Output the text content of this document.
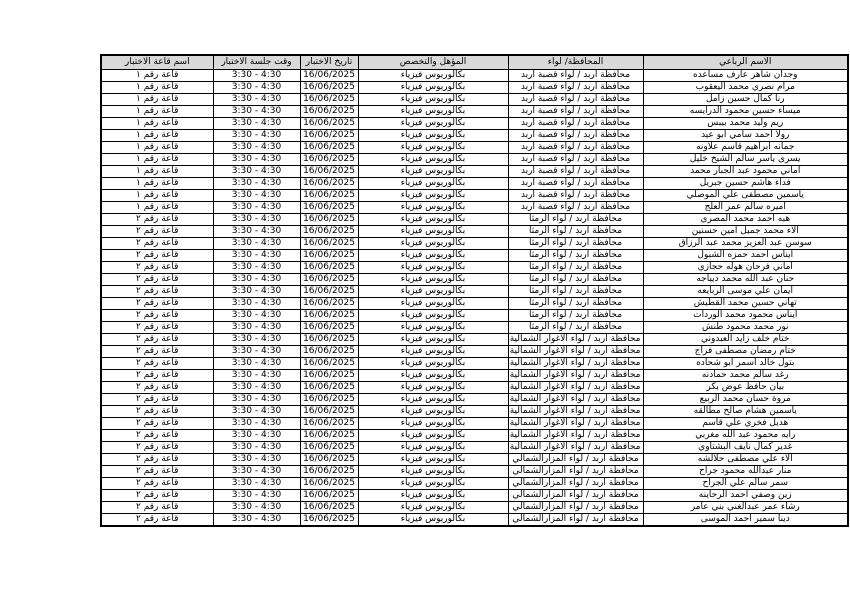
الاسم الرباعي	المحافظة/ لواء	المؤهل والتخصص	تاريخ الاختبار	وقت جلسة الاختبار	اسم قاعة الاختبار
وجدان شاهر عارف مساعده	محافظة اربد / لواء قصبة اربد	بكالوريوس فيزياء	16/06/2025	3:30 - 4:30	قاعة رقم ١
مرام نصري محمد اليعقوب	محافظة اربد / لواء قصبة اربد	بكالوريوس فيزياء	16/06/2025	3:30 - 4:30	قاعة رقم ١
رنا كمال حسين زامل	محافظة اربد / لواء قصبة اربد	بكالوريوس فيزياء	16/06/2025	3:30 - 4:30	قاعة رقم ١
ميساء حسين محمود الدرايسه	محافظة اربد / لواء قصبة اربد	بكالوريوس فيزياء	16/06/2025	3:30 - 4:30	قاعة رقم ١
ريم وليد محمد بيبس	محافظة اربد / لواء قصبة اربد	بكالوريوس فيزياء	16/06/2025	3:30 - 4:30	قاعة رقم ١
رولا احمد سامي ابو عيد	محافظة اربد / لواء قصبة اربد	بكالوريوس فيزياء	16/06/2025	3:30 - 4:30	قاعة رقم ١
جمانه ابراهيم قاسم علاونه	محافظة اربد / لواء قصبة اربد	بكالوريوس فيزياء	16/06/2025	3:30 - 4:30	قاعة رقم ١
يسرى ياسر سالم الشيخ خليل	محافظة اربد / لواء قصبة اربد	بكالوريوس فيزياء	16/06/2025	3:30 - 4:30	قاعة رقم ١
اماني محمود عبد الجبار محمد	محافظة اربد / لواء قصبة اربد	بكالوريوس فيزياء	16/06/2025	3:30 - 4:30	قاعة رقم ١
فداء هاشم حسين جبريل	محافظة اربد / لواء قصبة اربد	بكالوريوس فيزياء	16/06/2025	3:30 - 4:30	قاعة رقم ١
ياسمين مصطفى علي الموصلي	محافظة اربد / لواء قصبة اربد	بكالوريوس فيزياء	16/06/2025	3:30 - 4:30	قاعة رقم ١
اميره سالم عمر العلج	محافظة اربد / لواء قصبة اربد	بكالوريوس فيزياء	16/06/2025	3:30 - 4:30	قاعة رقم ١
هبه احمد محمد المصري	محافظة اربد / لواء الرمثا	بكالوريوس فيزياء	16/06/2025	3:30 - 4:30	قاعة رقم ٢
الاء محمد جميل امين حسنين	محافظة اربد / لواء الرمثا	بكالوريوس فيزياء	16/06/2025	3:30 - 4:30	قاعة رقم ٢
سوسن عبد العزيز محمد عبد الرزاق	محافظة اربد / لواء الرمثا	بكالوريوس فيزياء	16/06/2025	3:30 - 4:30	قاعة رقم ٢
ايناس احمد حمزه الشبول	محافظة اربد / لواء الرمثا	بكالوريوس فيزياء	16/06/2025	3:30 - 4:30	قاعة رقم ٢
اماني فرحان هوله حجازي	محافظة اربد / لواء الرمثا	بكالوريوس فيزياء	16/06/2025	3:30 - 4:30	قاعة رقم ٢
حنان عبد الله محمد ديباجه	محافظة اربد / لواء الرمثا	بكالوريوس فيزياء	16/06/2025	3:30 - 4:30	قاعة رقم ٢
ايمان علي موسى الربايعه	محافظة اربد / لواء الرمثا	بكالوريوس فيزياء	16/06/2025	3:30 - 4:30	قاعة رقم ٢
تهاني حسين محمد القطيش	محافظة اربد / لواء الرمثا	بكالوريوس فيزياء	16/06/2025	3:30 - 4:30	قاعة رقم ٢
ايناس محمود محمد الوردات	محافظة اربد / لواء الرمثا	بكالوريوس فيزياء	16/06/2025	3:30 - 4:30	قاعة رقم ٢
نور محمد محمود طنش	محافظة اربد / لواء الرمثا	بكالوريوس فيزياء	16/06/2025	3:30 - 4:30	قاعة رقم ٢
ختام خلف زايد العبدوني	محافظة اربد / لواء الاغوار الشمالية	بكالوريوس فيزياء	16/06/2025	3:30 - 4:30	قاعة رقم ٢
ختام رمضان مصطفى فراج	محافظة اربد / لواء الاغوار الشمالية	بكالوريوس فيزياء	16/06/2025	3:30 - 4:30	قاعة رقم ٢
بتول خالد اسمر ابو شحاده	محافظة اربد / لواء الاغوار الشمالية	بكالوريوس فيزياء	16/06/2025	3:30 - 4:30	قاعة رقم ٢
رغد سالم محمد حمادنه	محافظة اربد / لواء الاغوار الشمالية	بكالوريوس فيزياء	16/06/2025	3:30 - 4:30	قاعة رقم ٢
بيان حافظ عوض بكر	محافظة اربد / لواء الاغوار الشمالية	بكالوريوس فيزياء	16/06/2025	3:30 - 4:30	قاعة رقم ٢
مروة حسان محمد الربيع	محافظة اربد / لواء الاغوار الشمالية	بكالوريوس فيزياء	16/06/2025	3:30 - 4:30	قاعة رقم ٢
ياسمين هشام صالح مطالقه	محافظة اربد / لواء الاغوار الشمالية	بكالوريوس فيزياء	16/06/2025	3:30 - 4:30	قاعة رقم ٢
هديل فخري علي قاسم	محافظة اربد / لواء الاغوار الشمالية	بكالوريوس فيزياء	16/06/2025	3:30 - 4:30	قاعة رقم ٢
رايه محمود عبد الله مغربي	محافظة اربد / لواء الاغوار الشمالية	بكالوريوس فيزياء	16/06/2025	3:30 - 4:30	قاعة رقم ٢
غدير كمال نايف البشتاوي	محافظة اربد / لواء الاغوار الشمالية	بكالوريوس فيزياء	16/06/2025	3:30 - 4:30	قاعة رقم ٢
الاء علي مصطفى حلالشه	محافظة اربد / لواء المزارالشمالي	بكالوريوس فيزياء	16/06/2025	3:30 - 4:30	قاعة رقم ٢
منار عبدالله محمود جراح	محافظة اربد / لواء المزارالشمالي	بكالوريوس فيزياء	16/06/2025	3:30 - 4:30	قاعة رقم ٢
سمر سالم علي الجراح	محافظة اربد / لواء المزارالشمالي	بكالوريوس فيزياء	16/06/2025	3:30 - 4:30	قاعة رقم ٢
زين وصفي احمد الرحاينه	محافظة اربد / لواء المزارالشمالي	بكالوريوس فيزياء	16/06/2025	3:30 - 4:30	قاعة رقم ٢
رشاء عمر عبدالغني بني عامر	محافظة اربد / لواء المزارالشمالي	بكالوريوس فيزياء	16/06/2025	3:30 - 4:30	قاعة رقم ٢
دينا سمير احمد الموسى	محافظة اربد / لواء المزارالشمالي	بكالوريوس فيزياء	16/06/2025	3:30 - 4:30	قاعة رقم ٢
